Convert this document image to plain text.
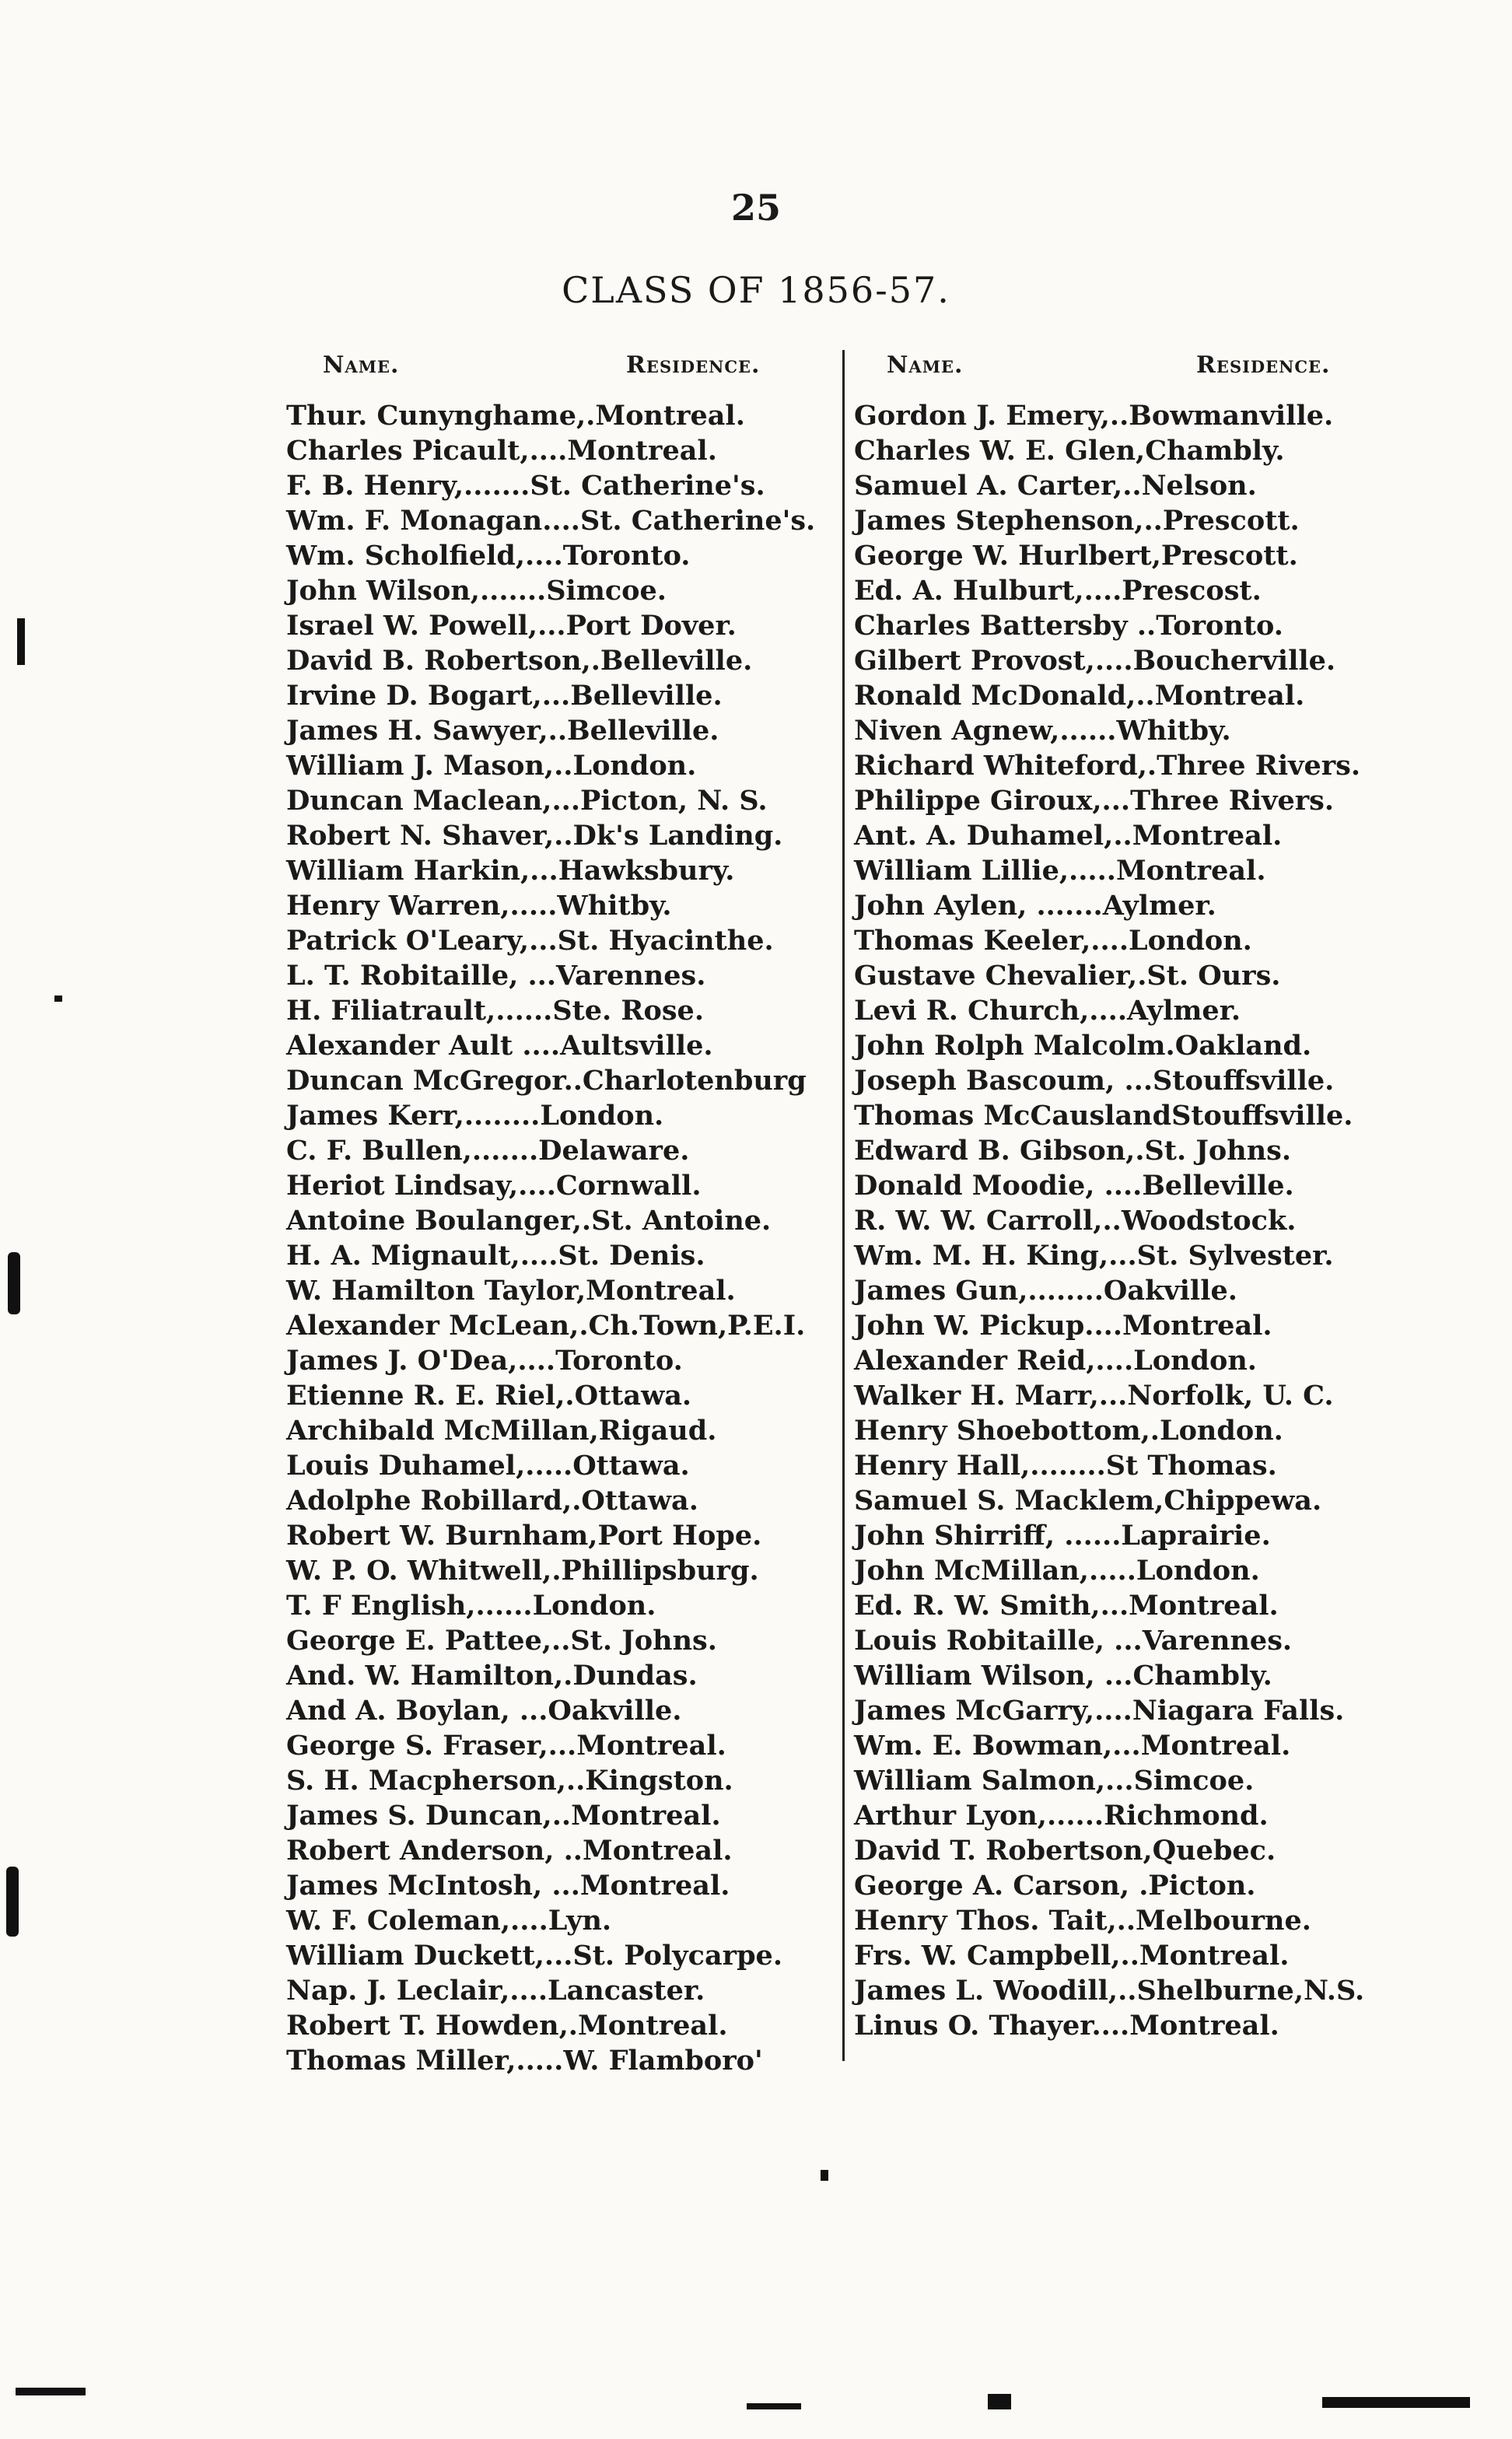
25
CLASS OF 1856-57.
Name.	Residence.	Name.	Residence.
Thur. Cunynghame,.Montreal.
Charles Picault,....Montreal.
F. B. Henry,.......St. Catherine's.
Wm. F. Monagan....St. Catherine's.
Wm. Scholfield,....Toronto.
John Wilson,.......Simcoe.
Israel W. Powell,...Port Dover.
David B. Robertson,.Belleville.
Irvine D. Bogart,...Belleville.
James H. Sawyer,..Belleville.
William J. Mason,..London.
Duncan Maclean,...Picton, N. S.
Robert N. Shaver,..Dk's Landing.
William Harkin,...Hawksbury.
Henry Warren,.....Whitby.
Patrick O'Leary,...St. Hyacinthe.
L. T. Robitaille, ...Varennes.
H. Filiatrault,......Ste. Rose.
Alexander Ault ....Aultsville.
Duncan McGregor..Charlotenburg
James Kerr,........London.
C. F. Bullen,.......Delaware.
Heriot Lindsay,....Cornwall.
Antoine Boulanger,.St. Antoine.
H. A. Mignault,....St. Denis.
W. Hamilton Taylor,Montreal.
Alexander McLean,.Ch.Town,P.E.I.
James J. O'Dea,....Toronto.
Etienne R. E. Riel,.Ottawa.
Archibald McMillan,Rigaud.
Louis Duhamel,.....Ottawa.
Adolphe Robillard,.Ottawa.
Robert W. Burnham,Port Hope.
W. P. O. Whitwell,.Phillipsburg.
T. F English,......London.
George E. Pattee,..St. Johns.
And. W. Hamilton,.Dundas.
And A. Boylan, ...Oakville.
George S. Fraser,...Montreal.
S. H. Macpherson,..Kingston.
James S. Duncan,..Montreal.
Robert Anderson, ..Montreal.
James McIntosh, ...Montreal.
W. F. Coleman,....Lyn.
William Duckett,...St. Polycarpe.
Nap. J. Leclair,....Lancaster.
Robert T. Howden,.Montreal.
Thomas Miller,.....W. Flamboro'
Gordon J. Emery,..Bowmanville.
Charles W. E. Glen,Chambly.
Samuel A. Carter,..Nelson.
James Stephenson,..Prescott.
George W. Hurlbert,Prescott.
Ed. A. Hulburt,....Prescost.
Charles Battersby ..Toronto.
Gilbert Provost,....Boucherville.
Ronald McDonald,..Montreal.
Niven Agnew,......Whitby.
Richard Whiteford,.Three Rivers.
Philippe Giroux,...Three Rivers.
Ant. A. Duhamel,..Montreal.
William Lillie,.....Montreal.
John Aylen, .......Aylmer.
Thomas Keeler,....London.
Gustave Chevalier,.St. Ours.
Levi R. Church,....Aylmer.
John Rolph Malcolm.Oakland.
Joseph Bascoum, ...Stouffsville.
Thomas McCauslandStouffsville.
Edward B. Gibson,.St. Johns.
Donald Moodie, ....Belleville.
R. W. W. Carroll,..Woodstock.
Wm. M. H. King,...St. Sylvester.
James Gun,........Oakville.
John W. Pickup....Montreal.
Alexander Reid,....London.
Walker H. Marr,...Norfolk, U. C.
Henry Shoebottom,.London.
Henry Hall,........St Thomas.
Samuel S. Macklem,Chippewa.
John Shirriff, ......Laprairie.
John McMillan,.....London.
Ed. R. W. Smith,...Montreal.
Louis Robitaille, ...Varennes.
William Wilson, ...Chambly.
James McGarry,....Niagara Falls.
Wm. E. Bowman,...Montreal.
William Salmon,...Simcoe.
Arthur Lyon,......Richmond.
David T. Robertson,Quebec.
George A. Carson, .Picton.
Henry Thos. Tait,..Melbourne.
Frs. W. Campbell,..Montreal.
James L. Woodill,..Shelburne,N.S.
Linus O. Thayer....Montreal.
